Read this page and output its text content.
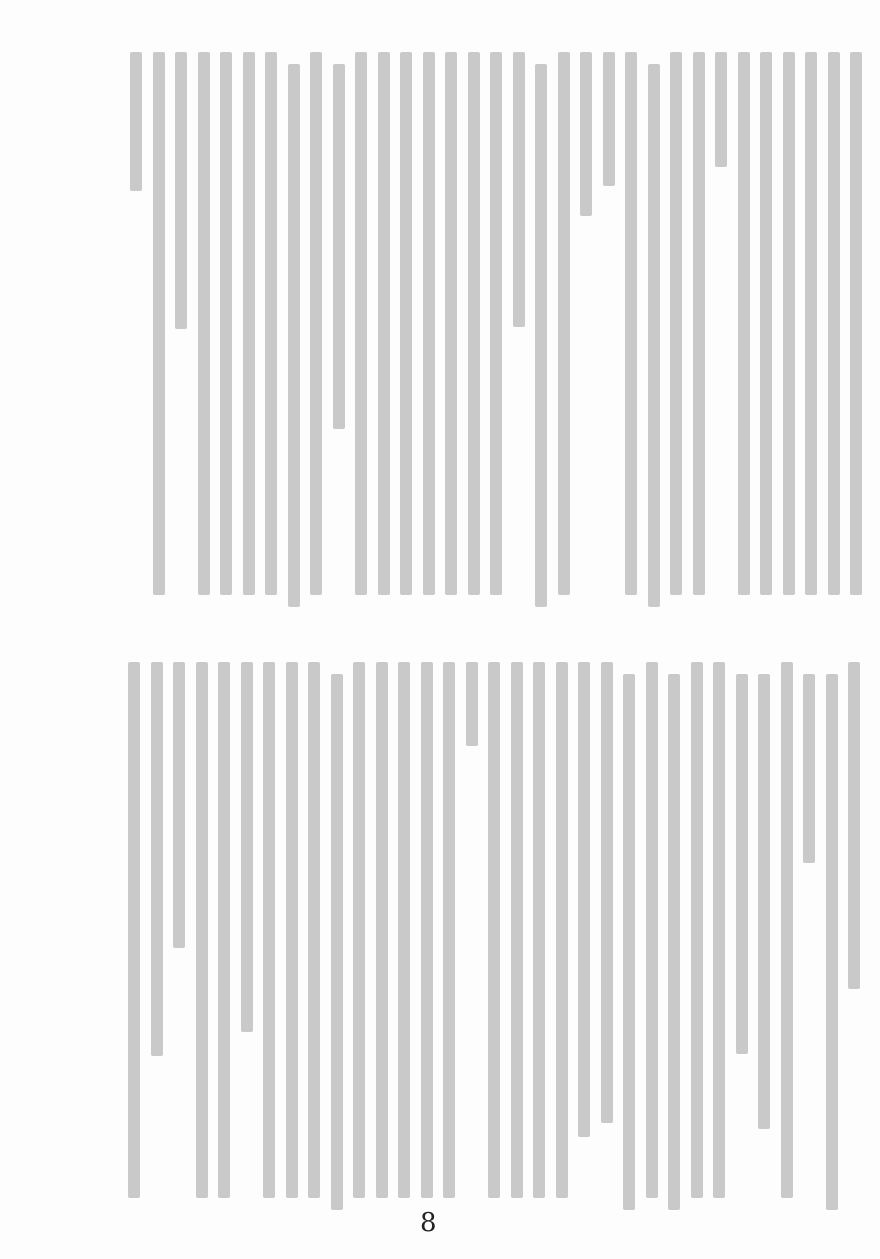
8
